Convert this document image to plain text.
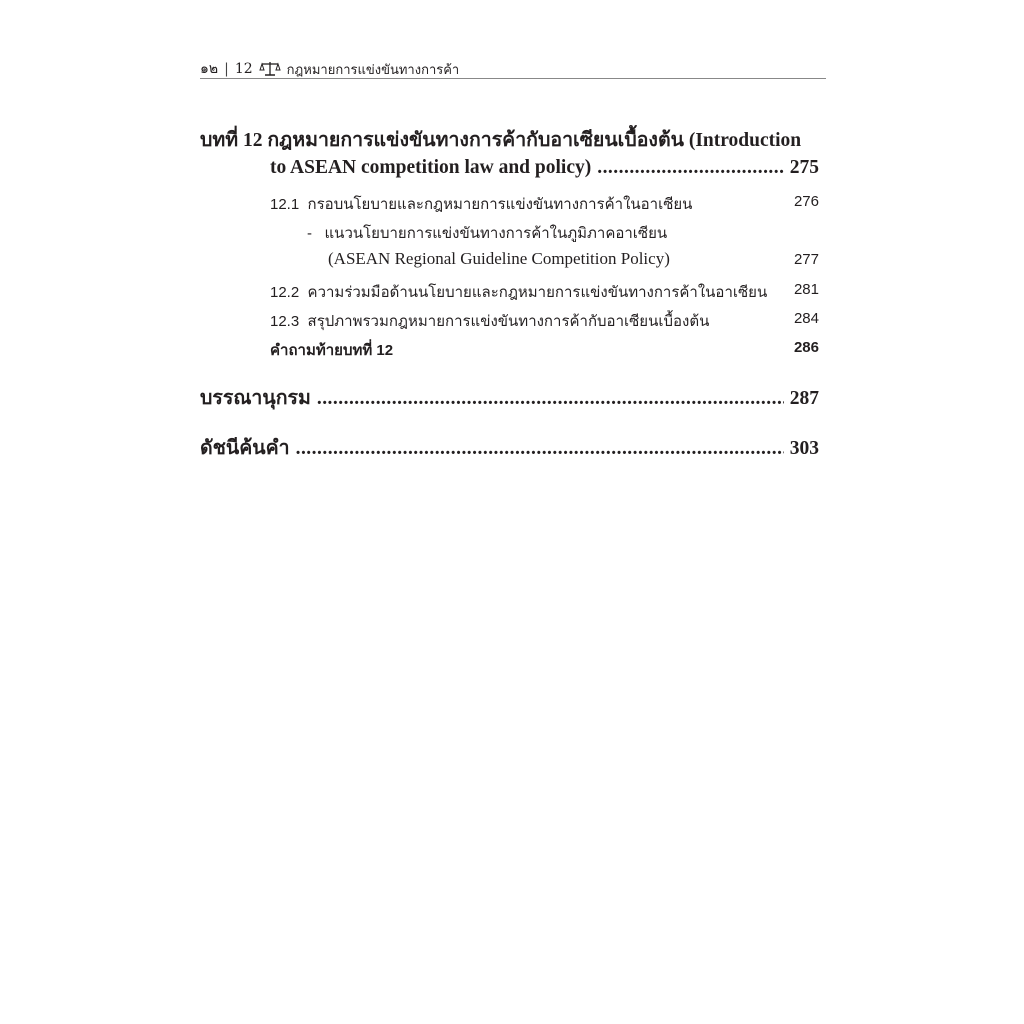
๑๒ | 12	กฎหมายการแข่งขันทางการค้า
บทที่ 12 กฎหมายการแข่งขันทางการค้ากับอาเซียนเบื้องต้น (Introduction
to ASEAN competition law and policy) . . .	275
12.1 กรอบนโยบายและกฎหมายการแข่งขันทางการค้าในอาเซียน	276
- แนวนโยบายการแข่งขันทางการค้าในภูมิภาคอาเซียน
(ASEAN Regional Guideline Competition Policy)	277
12.2 ความร่วมมือด้านนโยบายและกฎหมายการแข่งขันทางการค้าในอาเซียน 281
12.3 สรุปภาพรวมกฎหมายการแข่งขันทางการค้ากับอาเซียนเบื้องต้น	284
คำถามท้ายบทที่ 12	286
บรรณานุกรม . . .	287
ดัชนีค้นคำ . . .	303
